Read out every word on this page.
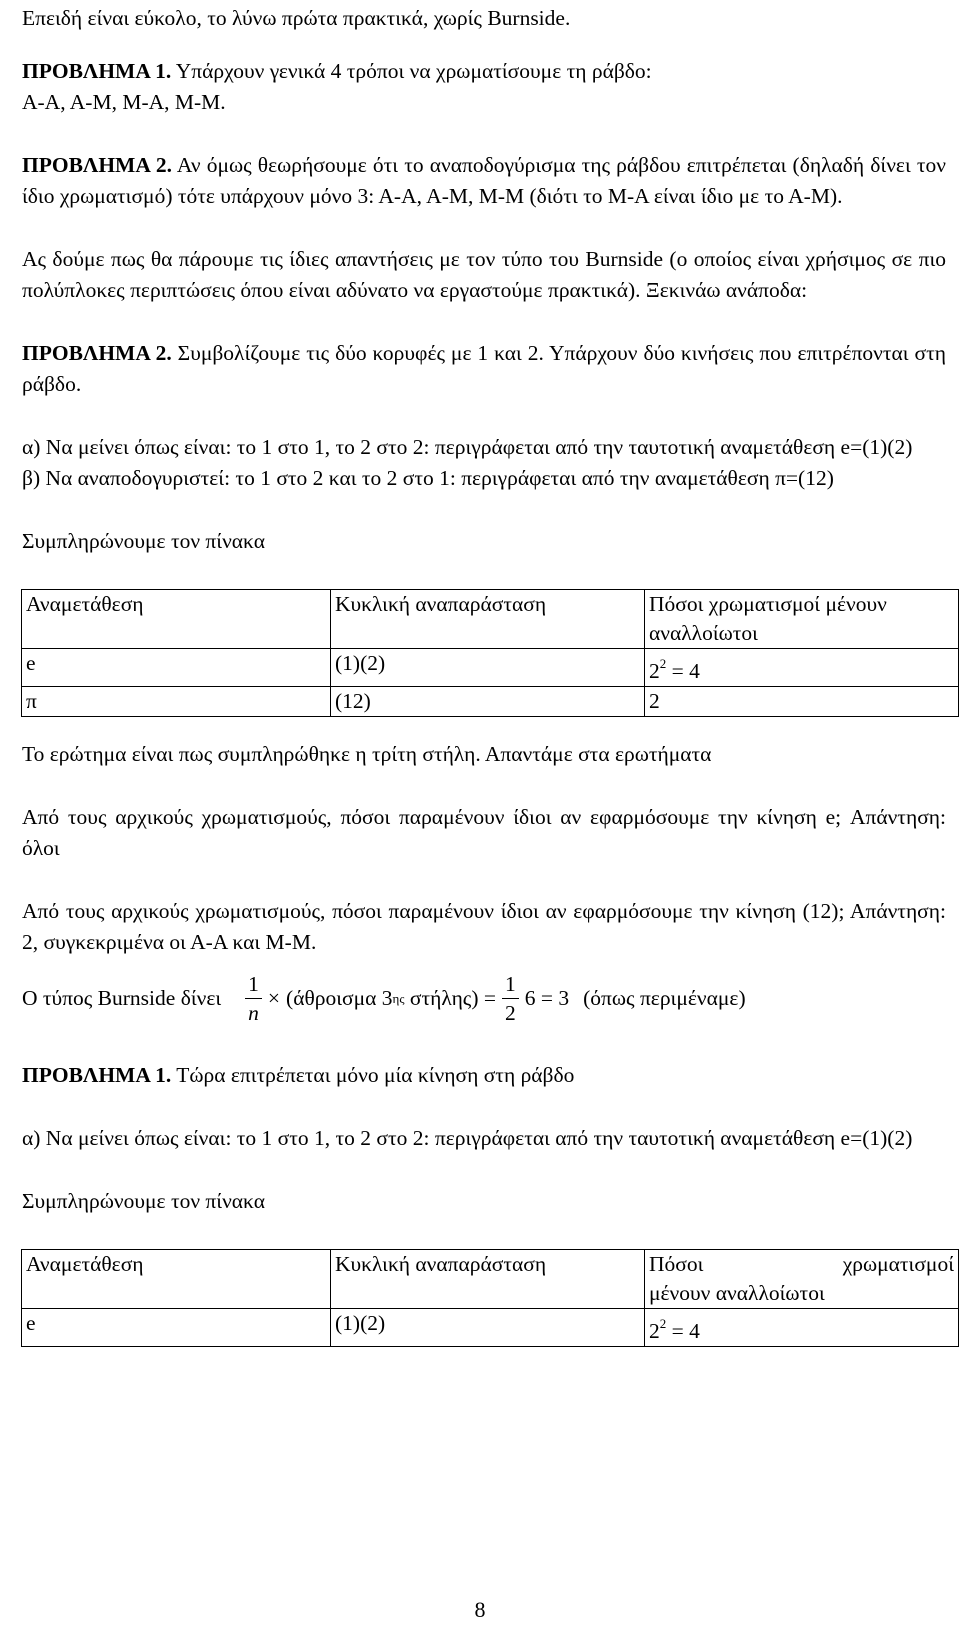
Επειδή είναι εύκολο, το λύνω πρώτα πρακτικά, χωρίς Burnside.

ΠΡΟΒΛΗΜΑ 1. Υπάρχουν γενικά 4 τρόποι να χρωματίσουμε τη ράβδο:

Α-Α, Α-Μ, Μ-Α, Μ-Μ.

ΠΡΟΒΛΗΜΑ 2. Αν όμως θεωρήσουμε ότι το αναποδογύρισμα της ράβδου επιτρέπεται (δηλαδή δίνει τον ίδιο χρωματισμό) τότε υπάρχουν μόνο 3: Α-Α, Α-Μ, Μ-Μ (διότι το Μ-Α είναι ίδιο με το Α-Μ).

Ας δούμε πως θα πάρουμε τις ίδιες απαντήσεις με τον τύπο του Burnside (ο οποίος είναι χρήσιμος σε πιο πολύπλοκες περιπτώσεις όπου είναι αδύνατο να εργαστούμε πρακτικά). Ξεκινάω ανάποδα:

ΠΡΟΒΛΗΜΑ 2. Συμβολίζουμε τις δύο κορυφές με 1 και 2. Υπάρχουν δύο κινήσεις που επιτρέπονται στη ράβδο.

α) Να μείνει όπως είναι: το 1 στο 1, το 2 στο 2: περιγράφεται από την ταυτοτική αναμετάθεση e=(1)(2)

β) Να αναποδογυριστεί: το 1 στο 2 και το 2 στο 1: περιγράφεται από την αναμετάθεση π=(12)

Συμπληρώνουμε τον πίνακα

Αναμετάθεση	Κυκλική αναπαράσταση	Πόσοι χρωματισμοί μένουν αναλλοίωτοι
e	(1)(2)	$2^2 = 4$
π	(12)	2

Το ερώτημα είναι πως συμπληρώθηκε η τρίτη στήλη. Απαντάμε στα ερωτήματα

Από τους αρχικούς χρωματισμούς, πόσοι παραμένουν ίδιοι αν εφαρμόσουμε την κίνηση e; Απάντηση: όλοι

Από τους αρχικούς χρωματισμούς, πόσοι παραμένουν ίδιοι αν εφαρμόσουμε την κίνηση (12); Απάντηση: 2, συγκεκριμένα οι Α-Α και Μ-Μ.

Ο τύπος Burnside δίνει $\frac{1}{n} \times (ά\theta\rho o\iota\sigma\mu\alpha$ 3 ης $\sigma\tau ή\lambda\eta\varsigma) = \frac{1}{2} 6 = 3$ (όπως περιμέναμε)

ΠΡΟΒΛΗΜΑ 1. Τώρα επιτρέπεται μόνο μία κίνηση στη ράβδο

α) Να μείνει όπως είναι: το 1 στο 1, το 2 στο 2: περιγράφεται από την ταυτοτική αναμετάθεση e=(1)(2)

Συμπληρώνουμε τον πίνακα

Αναμετάθεση	Κυκλική αναπαράσταση	Πόσοι χρωματισμοί
μένουν αναλλοίωτοι

e	(1)(2)	$2^2 = 4$
8
